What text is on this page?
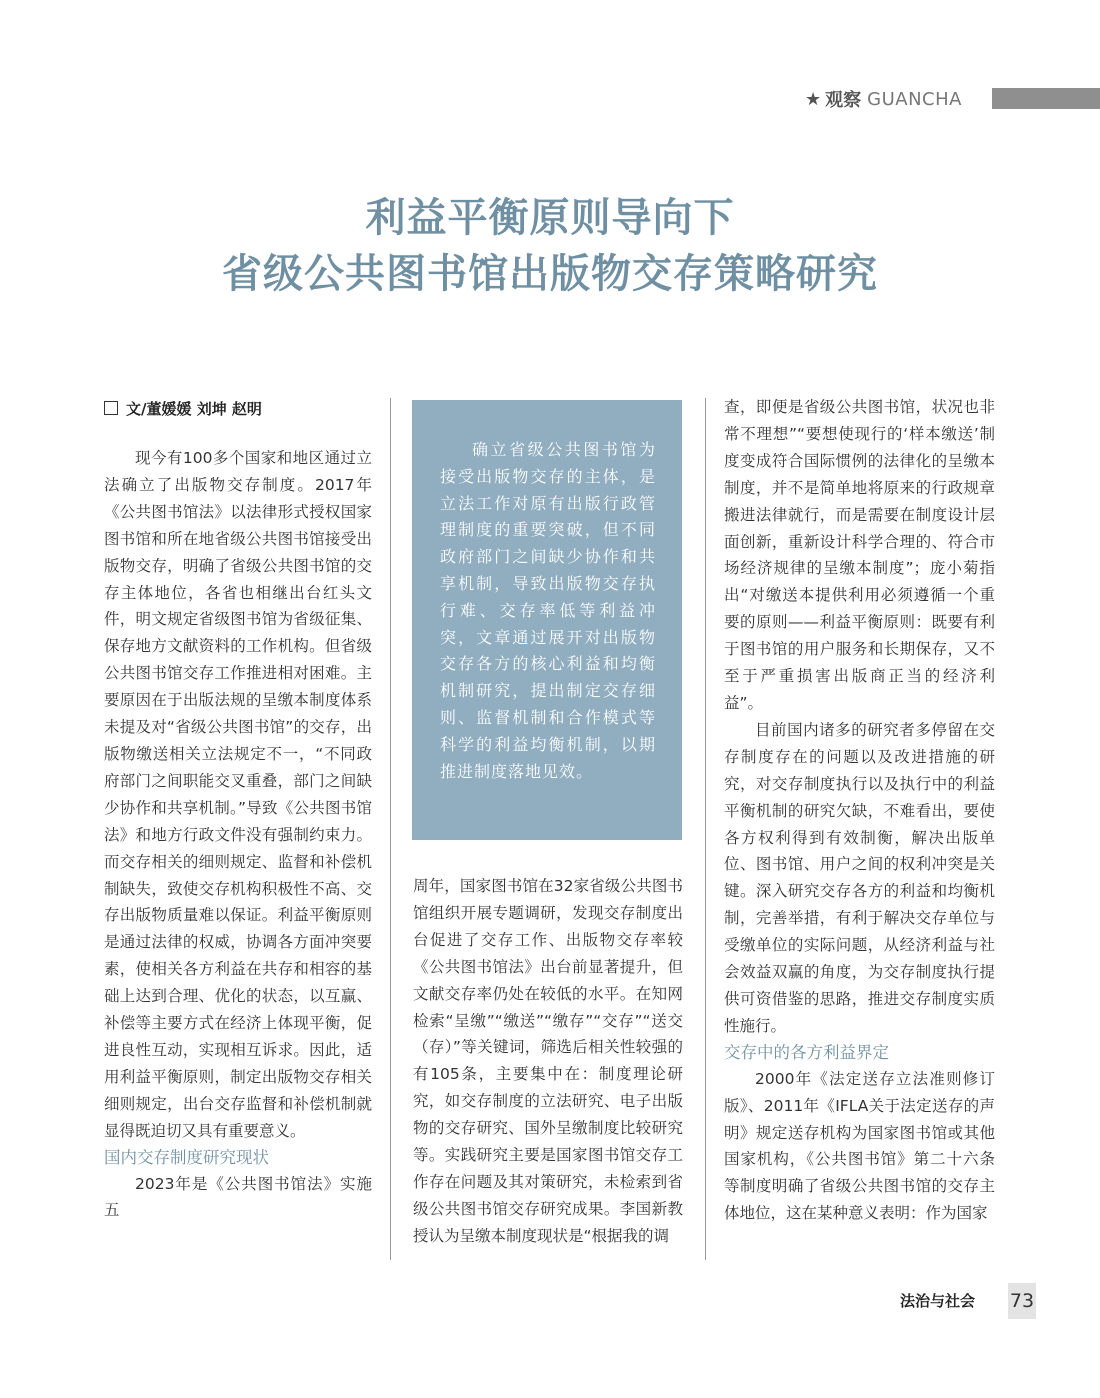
★ 观察 GUANCHA
利益平衡原则导向下
省级公共图书馆出版物交存策略研究
文/董媛媛 刘坤 赵明

现今有100多个国家和地区通过立法确立了出版物交存制度。2017年《公共图书馆法》以法律形式授权国家图书馆和所在地省级公共图书馆接受出版物交存，明确了省级公共图书馆的交存主体地位，各省也相继出台红头文件，明文规定省级图书馆为省级征集、保存地方文献资料的工作机构。但省级公共图书馆交存工作推进相对困难。主要原因在于出版法规的呈缴本制度体系未提及对“省级公共图书馆”的交存，出版物缴送相关立法规定不一，“不同政府部门之间职能交叉重叠，部门之间缺少协作和共享机制。”导致《公共图书馆法》和地方行政文件没有强制约束力。而交存相关的细则规定、监督和补偿机制缺失，致使交存机构积极性不高、交存出版物质量难以保证。利益平衡原则是通过法律的权威，协调各方面冲突要素，使相关各方利益在共存和相容的基础上达到合理、优化的状态，以互赢、补偿等主要方式在经济上体现平衡，促进良性互动，实现相互诉求。因此，适用利益平衡原则，制定出版物交存相关细则规定，出台交存监督和补偿机制就显得既迫切又具有重要意义。

国内交存制度研究现状

2023年是《公共图书馆法》实施五

确立省级公共图书馆为接受出版物交存的主体，是立法工作对原有出版行政管理制度的重要突破，但不同政府部门之间缺少协作和共享机制，导致出版物交存执行难、交存率低等利益冲突，文章通过展开对出版物交存各方的核心利益和均衡机制研究，提出制定交存细则、监督机制和合作模式等科学的利益均衡机制，以期推进制度落地见效。

周年，国家图书馆在32家省级公共图书馆组织开展专题调研，发现交存制度出台促进了交存工作、出版物交存率较《公共图书馆法》出台前显著提升，但文献交存率仍处在较低的水平。在知网检索“呈缴”“缴送”“缴存”“交存”“送交（存）”等关键词，筛选后相关性较强的有105条，主要集中在：制度理论研究，如交存制度的立法研究、电子出版物的交存研究、国外呈缴制度比较研究等。实践研究主要是国家图书馆交存工作存在问题及其对策研究，未检索到省级公共图书馆交存研究成果。李国新教授认为呈缴本制度现状是“根据我的调

查，即便是省级公共图书馆，状况也非常不理想”“要想使现行的‘样本缴送’制度变成符合国际惯例的法律化的呈缴本制度，并不是简单地将原来的行政规章搬进法律就行，而是需要在制度设计层面创新，重新设计科学合理的、符合市场经济规律的呈缴本制度”；庞小菊指出“对缴送本提供利用必须遵循一个重要的原则——利益平衡原则：既要有利于图书馆的用户服务和长期保存，又不至于严重损害出版商正当的经济利益”。

目前国内诸多的研究者多停留在交存制度存在的问题以及改进措施的研究，对交存制度执行以及执行中的利益平衡机制的研究欠缺，不难看出，要使各方权利得到有效制衡，解决出版单位、图书馆、用户之间的权利冲突是关键。深入研究交存各方的利益和均衡机制，完善举措，有利于解决交存单位与受缴单位的实际问题，从经济利益与社会效益双赢的角度，为交存制度执行提供可资借鉴的思路，推进交存制度实质性施行。

交存中的各方利益界定

2000年《法定送存立法准则修订版》、2011年《IFLA关于法定送存的声明》规定送存机构为国家图书馆或其他国家机构，《公共图书馆》第二十六条等制度明确了省级公共图书馆的交存主体地位，这在某种意义表明：作为国家

法治与社会 73
